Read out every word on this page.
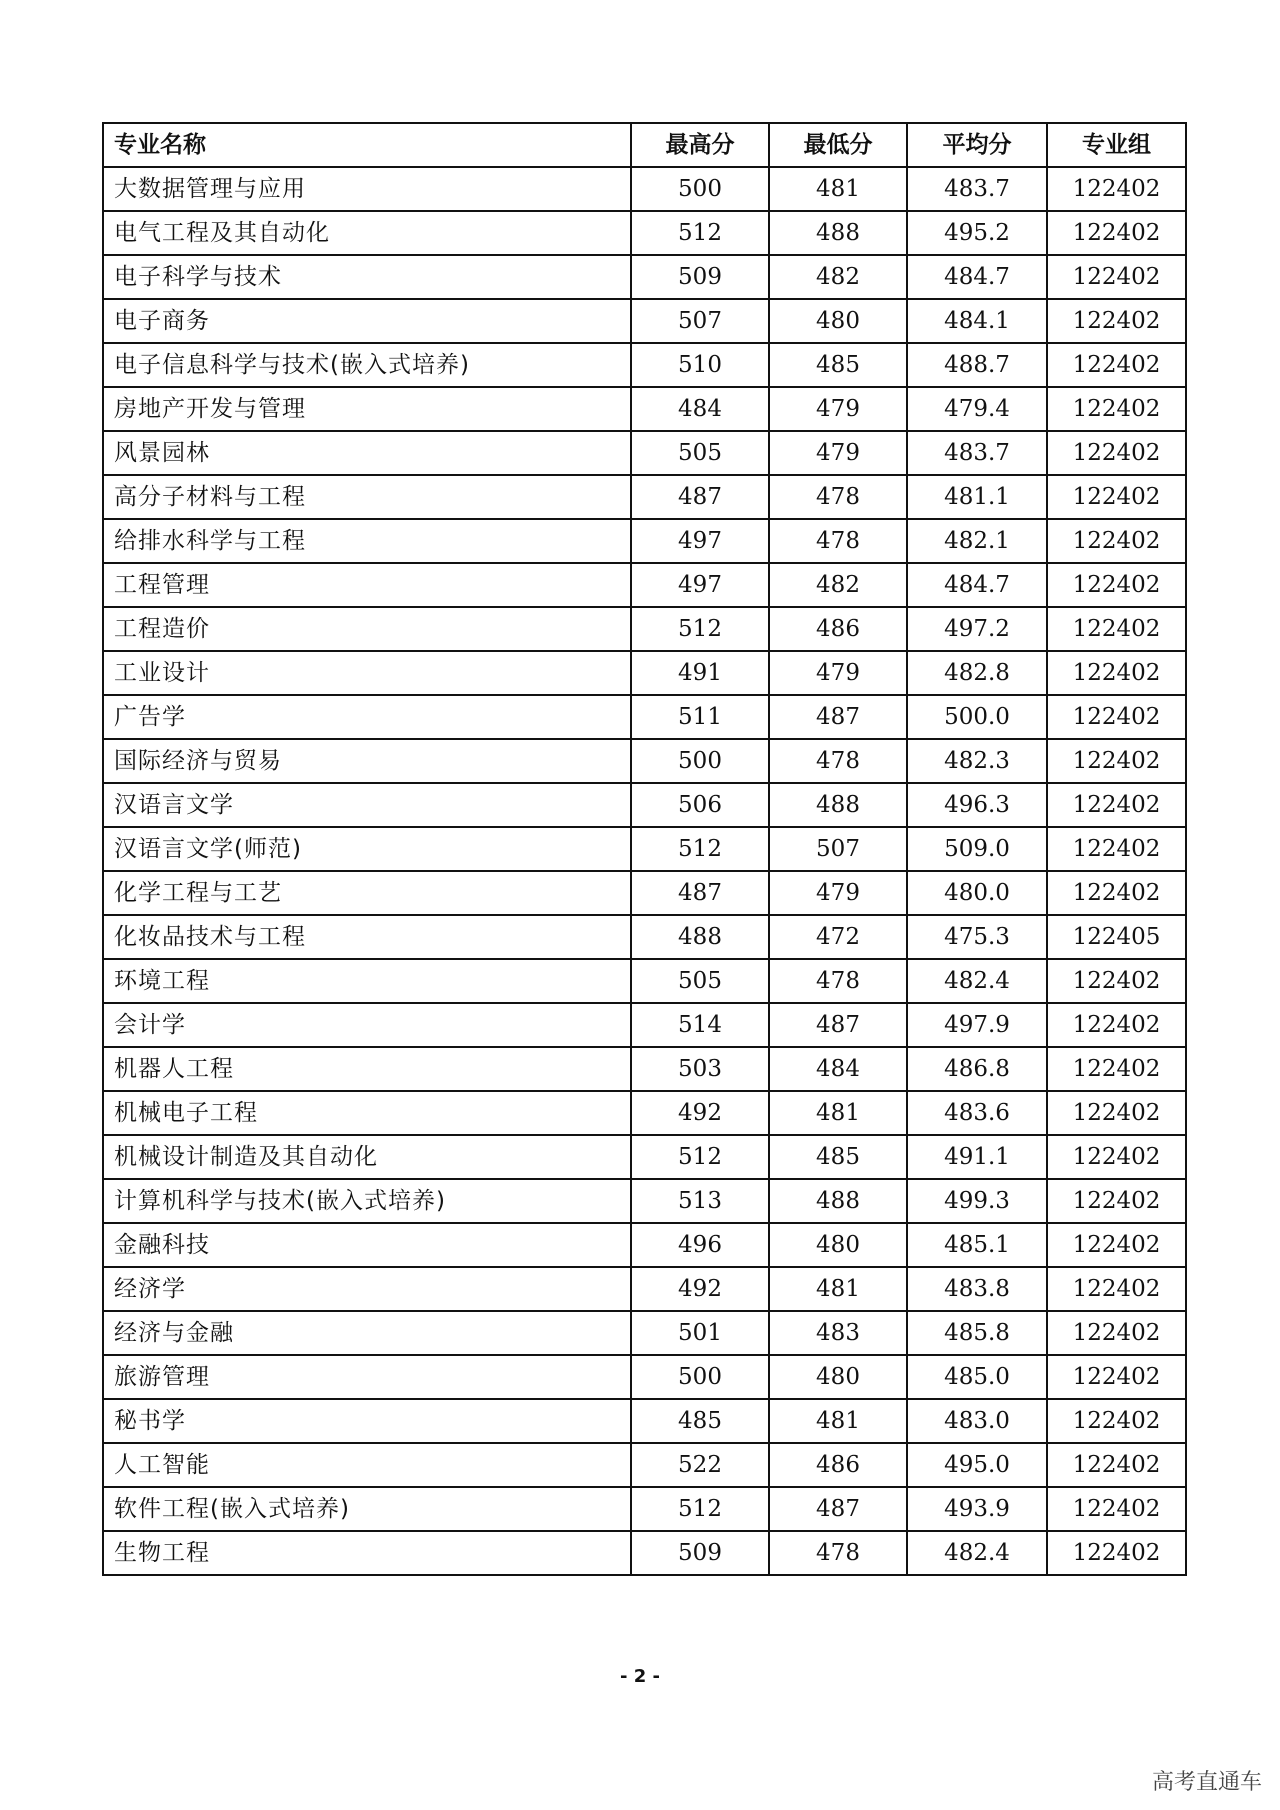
专业名称	最高分	最低分	平均分	专业组
大数据管理与应用	500	481	483.7	122402
电气工程及其自动化	512	488	495.2	122402
电子科学与技术	509	482	484.7	122402
电子商务	507	480	484.1	122402
电子信息科学与技术(嵌入式培养)	510	485	488.7	122402
房地产开发与管理	484	479	479.4	122402
风景园林	505	479	483.7	122402
高分子材料与工程	487	478	481.1	122402
给排水科学与工程	497	478	482.1	122402
工程管理	497	482	484.7	122402
工程造价	512	486	497.2	122402
工业设计	491	479	482.8	122402
广告学	511	487	500.0	122402
国际经济与贸易	500	478	482.3	122402
汉语言文学	506	488	496.3	122402
汉语言文学(师范)	512	507	509.0	122402
化学工程与工艺	487	479	480.0	122402
化妆品技术与工程	488	472	475.3	122405
环境工程	505	478	482.4	122402
会计学	514	487	497.9	122402
机器人工程	503	484	486.8	122402
机械电子工程	492	481	483.6	122402
机械设计制造及其自动化	512	485	491.1	122402
计算机科学与技术(嵌入式培养)	513	488	499.3	122402
金融科技	496	480	485.1	122402
经济学	492	481	483.8	122402
经济与金融	501	483	485.8	122402
旅游管理	500	480	485.0	122402
秘书学	485	481	483.0	122402
人工智能	522	486	495.0	122402
软件工程(嵌入式培养)	512	487	493.9	122402
生物工程	509	478	482.4	122402
- 2 -
高考直通车
